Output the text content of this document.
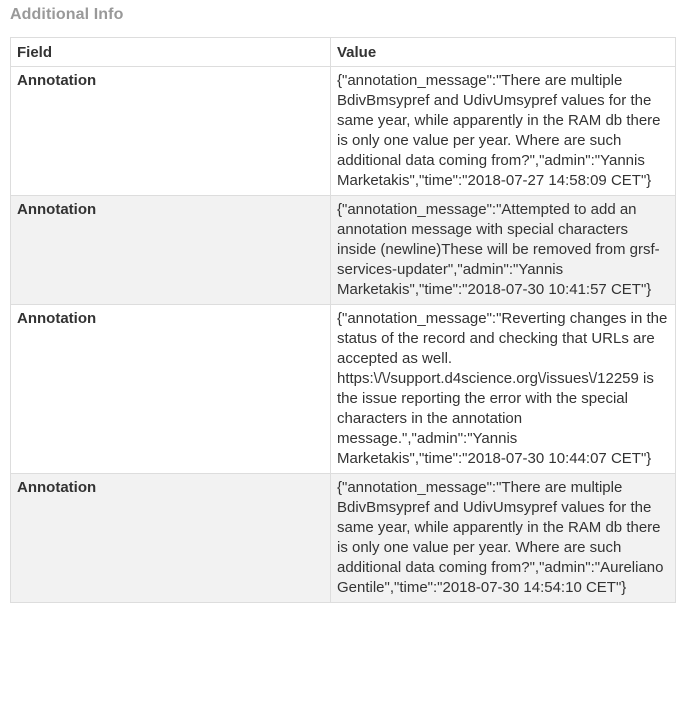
Additional Info
Field	Value
Annotation	{"annotation_message":"There are multiple BdivBmsypref and UdivUmsypref values for the same year, while apparently in the RAM db there is only one value per year. Where are such additional data coming from?","admin":"Yannis Marketakis","time":"2018-07-27 14:58:09 CET"}
Annotation	{"annotation_message":"Attempted to add an annotation message with special characters inside (newline)These will be removed from grsf-services-updater","admin":"Yannis Marketakis","time":"2018-07-30 10:41:57 CET"}
Annotation	{"annotation_message":"Reverting changes in the status of the record and checking that URLs are accepted as well. https:\/\/support.d4science.org\/issues\/12259 is the issue reporting the error with the special characters in the annotation message.","admin":"Yannis Marketakis","time":"2018-07-30 10:44:07 CET"}
Annotation	{"annotation_message":"There are multiple BdivBmsypref and UdivUmsypref values for the same year, while apparently in the RAM db there is only one value per year. Where are such additional data coming from?","admin":"Aureliano Gentile","time":"2018-07-30 14:54:10 CET"}
